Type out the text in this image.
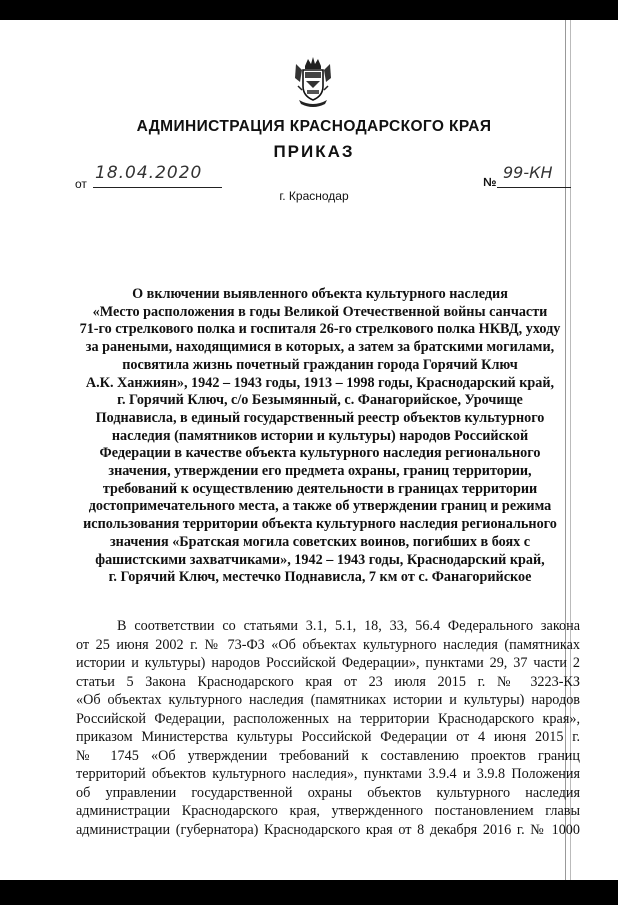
АДМИНИСТРАЦИЯ КРАСНОДАРСКОГО КРАЯ
ПРИКАЗ
от
18.04.2020	№ 99-КН
г. Краснодар
О включении выявленного объекта культурного наследия
«Место расположения в годы Великой Отечественной войны санчасти
71-го стрелкового полка и госпиталя 26-го стрелкового полка НКВД, уходу
за ранеными, находящимися в которых, а затем за братскими могилами,
посвятила жизнь почетный гражданин города Горячий Ключ
А.К. Ханжиян», 1942 – 1943 годы, 1913 – 1998 годы, Краснодарский край,
г. Горячий Ключ, с/о Безымянный, с. Фанагорийское, Урочище
Поднависла, в единый государственный реестр объектов культурного
наследия (памятников истории и культуры) народов Российской
Федерации в качестве объекта культурного наследия регионального
значения, утверждении его предмета охраны, границ территории,
требований к осуществлению деятельности в границах территории
достопримечательного места, а также об утверждении границ и режима
использования территории объекта культурного наследия регионального
значения «Братская могила советских воинов, погибших в боях с
фашистскими захватчиками», 1942 – 1943 годы, Краснодарский край,
г. Горячий Ключ, местечко Поднависла, 7 км от с. Фанагорийское
В соответствии со статьями 3.1, 5.1, 18, 33, 56.4 Федерального закона
от 25 июня 2002 г. № 73-ФЗ «Об объектах культурного наследия (памятниках
истории и культуры) народов Российской Федерации», пунктами 29, 37 части 2
статьи 5 Закона Краснодарского края от 23 июля 2015 г. № 3223-КЗ
«Об объектах культурного наследия (памятниках истории и культуры) народов
Российской Федерации, расположенных на территории Краснодарского края»,
приказом Министерства культуры Российской Федерации от 4 июня 2015 г.
№ 1745 «Об утверждении требований к составлению проектов границ
территорий объектов культурного наследия», пунктами 3.9.4 и 3.9.8 Положения
об управлении государственной охраны объектов культурного наследия
администрации Краснодарского края, утвержденного постановлением главы
администрации (губернатора) Краснодарского края от 8 декабря 2016 г. № 1000
